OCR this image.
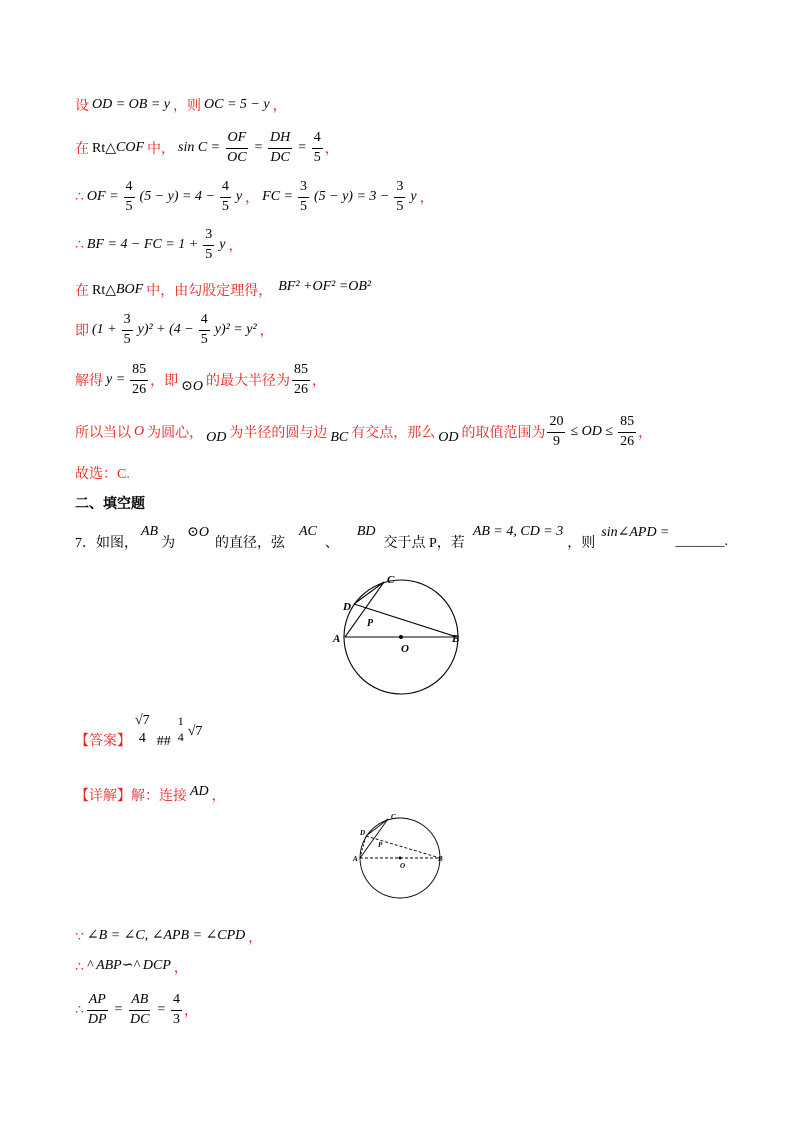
设 OD = OB = y ，则 OC = 5 − y ，
在 Rt△ COF 中， $\sin C = \frac{OF}{OC} = \frac{DH}{DC} = \frac{4}{5}$ ，
∴ OF = $\frac{4}{5} (5 - y) = 4 - \frac{4}{5}$ y ， FC = $\frac{3}{5} (5 - y) = 3 - \frac{3}{5}$ y ，
∴ BF = 4 − FC = $1 + \frac{3}{5}$ y ，
在 Rt△ BOF 中，由勾股定理得， BF² +OF² =OB²
即 $(1 + \frac{3}{5} y)^2 + (4 - \frac{4}{5} y)^2 = y^2$ ，
解得 $y = \frac{85}{26}$ ，即 ⊙O 的最大半径为 $\frac{85}{26}$ ，
所以当以 O 为圆心， OD 为半径的圆与边 BC 有交点，那么 OD 的取值范围为 $\frac{20}{9}$ ≤ OD ≤ $\frac{85}{26}$ ，
故选：C.
二、填空题
7．如图，
AB
为
⊙O
的直径，弦
AC
、
BD
交于点 P，若
AB = 4, CD = 3
，则
sin∠APD =
_______.
A	B
C
D
P
O
【答案】
√7
4 ##
1
4 √7
【详解】解：连接 AD ，
A	B
C
D
P
O
∵ ∠B = ∠C, ∠APB = ∠CPD ，
∴ ^ ABP∽^ DCP ，
∴ $\frac{AP}{DP} = \frac{AB}{DC} = \frac{4}{3}$ ，
